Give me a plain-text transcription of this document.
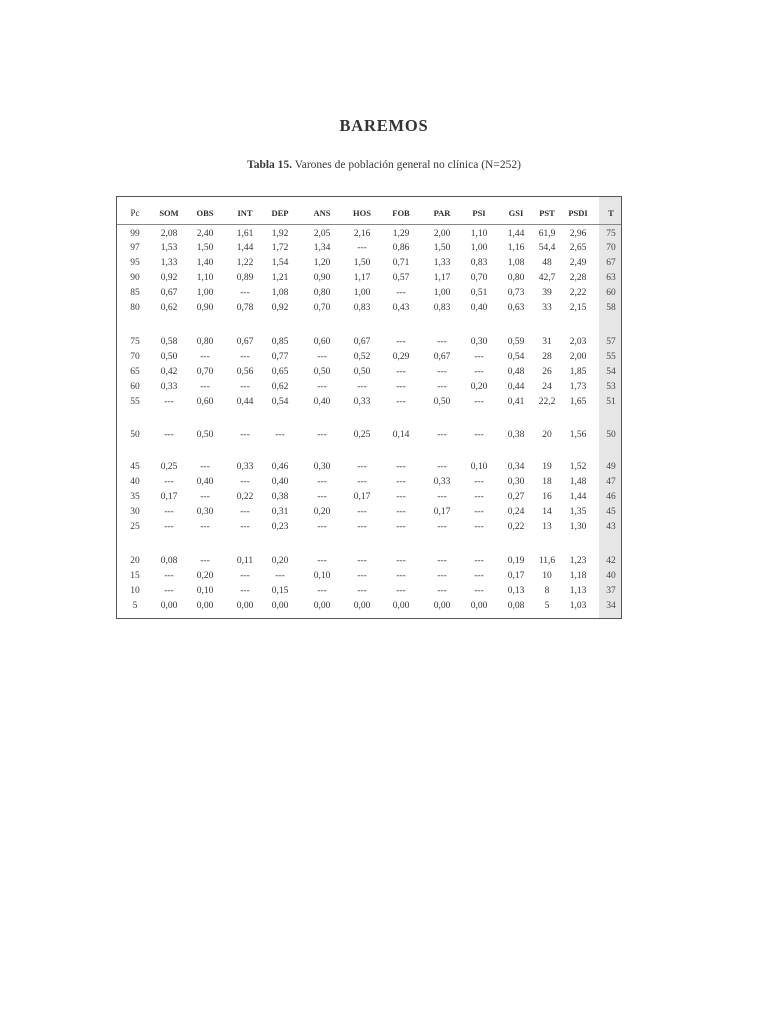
BAREMOS
Tabla 15. Varones de población general no clínica (N=252)
Pc SOM OBS	INT DEP	ANS	HOS	FOB	PAR	PSI	GSI PST PSDI T
99 2,08 2,40 1,61 1,92	2,05 2,16 1,29	2,00 1,10 1,44 61,9 2,96 75
97 1,53 1,50 1,44 1,72	1,34	---	0,86	1,50 1,00 1,16 54,4 2,65 70
95 1,33 1,40 1,22 1,54	1,20 1,50 0,71	1,33 0,83 1,08 48 2,49 67
90 0,92 1,10 0,89 1,21	0,90 1,17 0,57	1,17 0,70 0,80 42,7 2,28 63
85 0,67 1,00	--- 1,08	0,80 1,00	---	1,00 0,51 0,73 39 2,22 60
80 0,62 0,90 0,78 0,92	0,70 0,83 0,43	0,83 0,40 0,63 33 2,15 58
75 0,58 0,80 0,67 0,85	0,60 0,67	---	---	0,30 0,59 31 2,03 57
70 0,50 ---	--- 0,77	---	0,52 0,29	0,67	---	0,54 28 2,00 55
65 0,42 0,70 0,56 0,65	0,50 0,50	---	---	---	0,48 26 1,85 54
60 0,33 ---	--- 0,62	---	---	---	---	0,20 0,44 24 1,73 53
55	--- 0,60 0,44 0,54	0,40 0,33	---	0,50	---	0,41 22,2 1,65 51
50	--- 0,50	---	---	---	0,25 0,14	---	---	0,38 20 1,56 50
45 0,25 ---	0,33 0,46	0,30	---	---	---	0,10 0,34 19 1,52 49
40	--- 0,40	--- 0,40	---	---	---	0,33	---	0,30 18 1,48 47
35 0,17 ---	0,22 0,38	---	0,17	---	---	---	0,27 16 1,44 46
30	--- 0,30	--- 0,31	0,20	---	---	0,17	---	0,24 14 1,35 45
25	---	---	--- 0,23	---	---	---	---	---	0,22 13 1,30 43
20 0,08 ---	0,11 0,20	---	---	---	---	---	0,19 11,6 1,23 42
15	--- 0,20	---	---	0,10	---	---	---	---	0,17 10 1,18 40
10	--- 0,10	--- 0,15	---	---	---	---	---	0,13 8 1,13 37
5 0,00 0,00 0,00 0,00	0,00 0,00 0,00	0,00 0,00 0,08 5 1,03 34
